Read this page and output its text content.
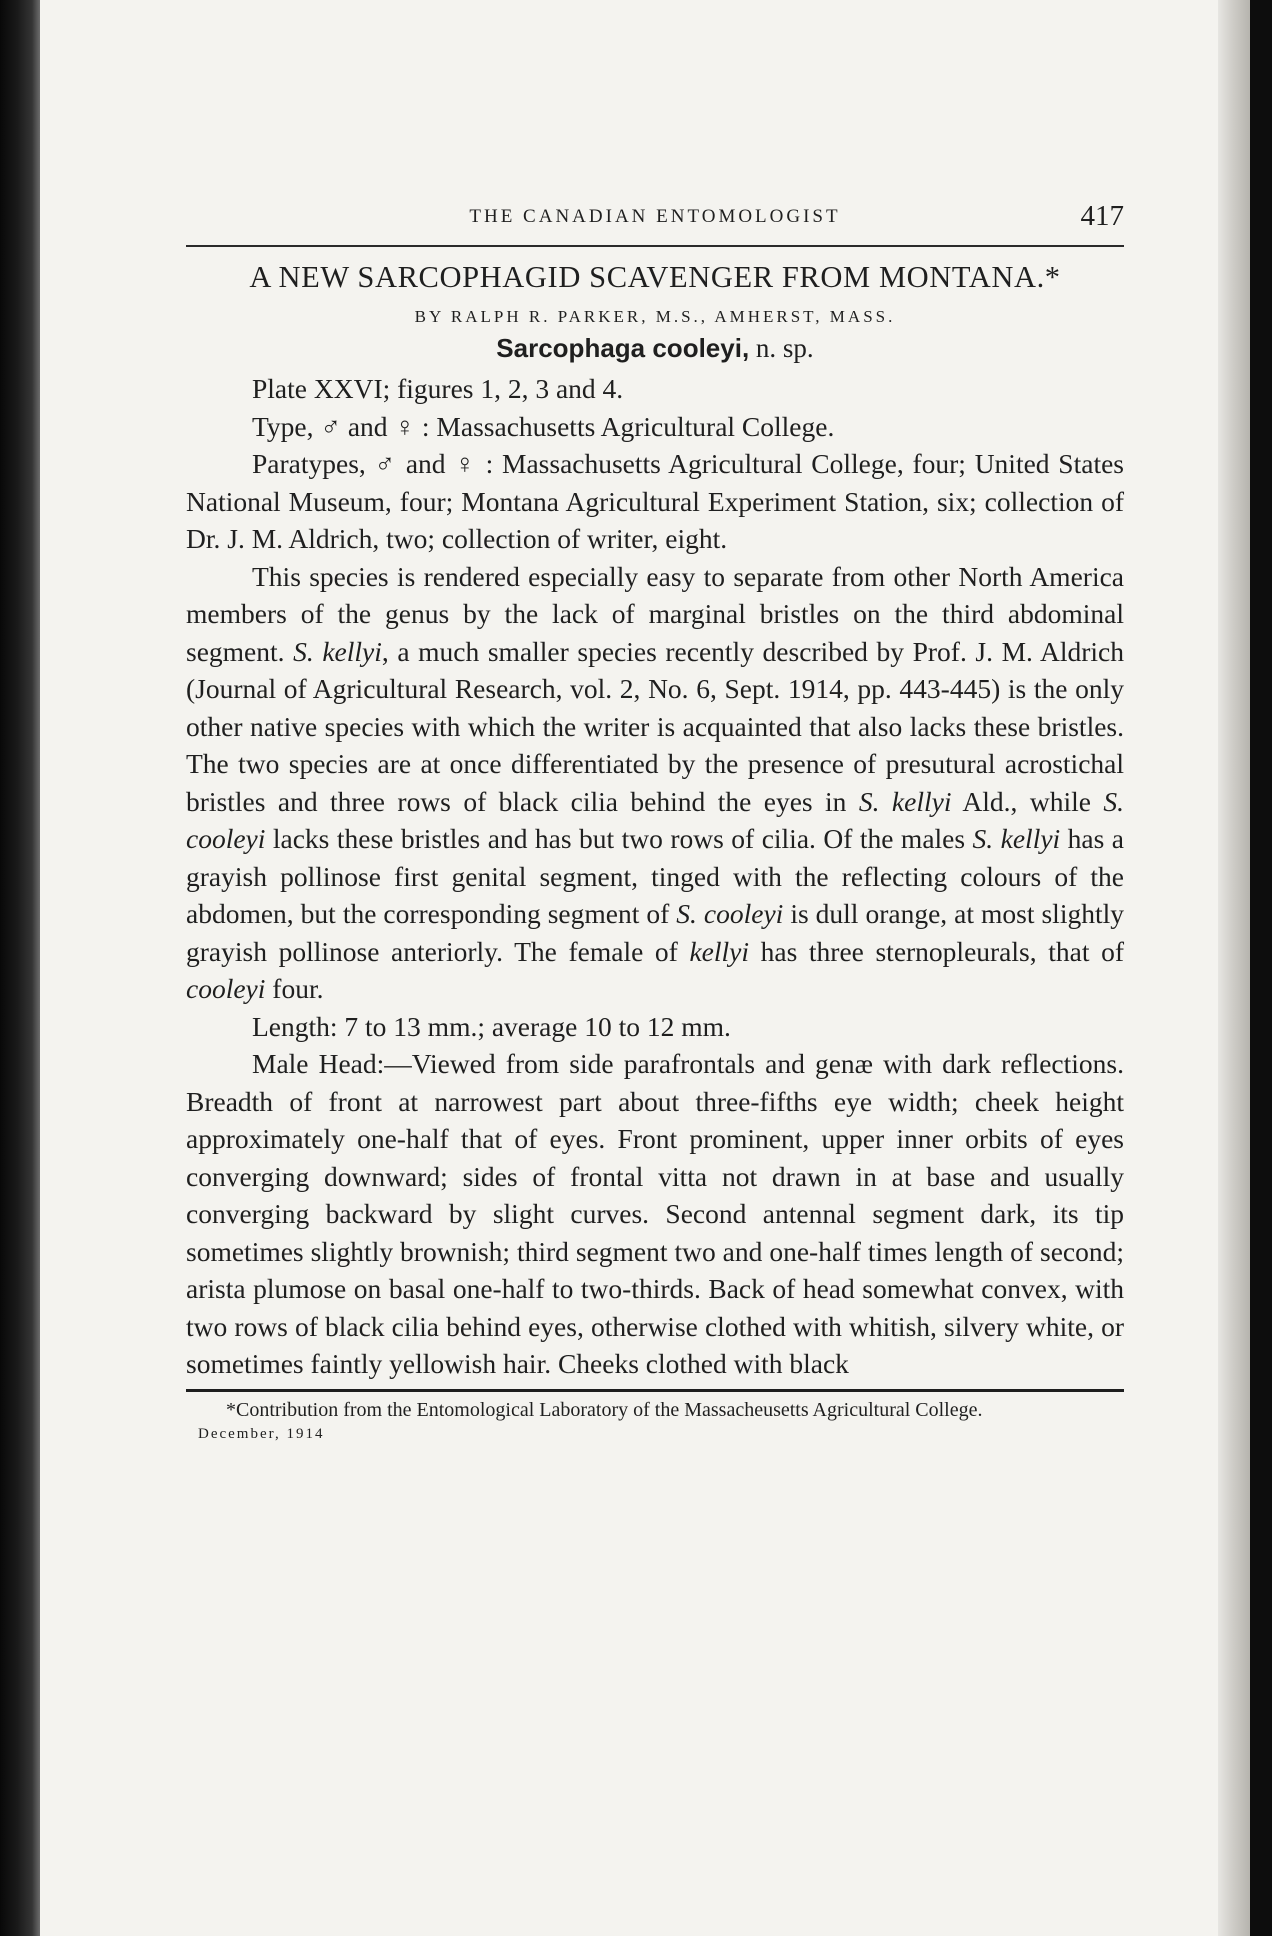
THE CANADIAN ENTOMOLOGIST	417
A NEW SARCOPHAGID SCAVENGER FROM MONTANA.*
BY RALPH R. PARKER, M.S., AMHERST, MASS.
Sarcophaga cooleyi, n. sp.

Plate XXVI; figures 1, 2, 3 and 4.

Type, ♂ and ♀ : Massachusetts Agricultural College.

Paratypes, ♂ and ♀ : Massachusetts Agricultural College, four; United States National Museum, four; Montana Agricultural Experiment Station, six; collection of Dr. J. M. Aldrich, two; collection of writer, eight.

This species is rendered especially easy to separate from other North America members of the genus by the lack of marginal bristles on the third abdominal segment. S. kellyi, a much smaller species recently described by Prof. J. M. Aldrich (Journal of Agricultural Research, vol. 2, No. 6, Sept. 1914, pp. 443-445) is the only other native species with which the writer is acquainted that also lacks these bristles. The two species are at once differentiated by the presence of presutural acrostichal bristles and three rows of black cilia behind the eyes in S. kellyi Ald., while S. cooleyi lacks these bristles and has but two rows of cilia. Of the males S. kellyi has a grayish pollinose first genital segment, tinged with the reflecting colours of the abdomen, but the corresponding segment of S. cooleyi is dull orange, at most slightly grayish pollinose anteriorly. The female of kellyi has three sternopleurals, that of cooleyi four.

Length: 7 to 13 mm.; average 10 to 12 mm.

Male Head:—Viewed from side parafrontals and genæ with dark reflections. Breadth of front at narrowest part about three-fifths eye width; cheek height approximately one-half that of eyes. Front prominent, upper inner orbits of eyes converging downward; sides of frontal vitta not drawn in at base and usually converging backward by slight curves. Second antennal segment dark, its tip sometimes slightly brownish; third segment two and one-half times length of second; arista plumose on basal one-half to two-thirds. Back of head somewhat convex, with two rows of black cilia behind eyes, otherwise clothed with whitish, silvery white, or sometimes faintly yellowish hair. Cheeks clothed with black

*Contribution from the Entomological Laboratory of the Massacheusetts Agricultural College.

December, 1914
